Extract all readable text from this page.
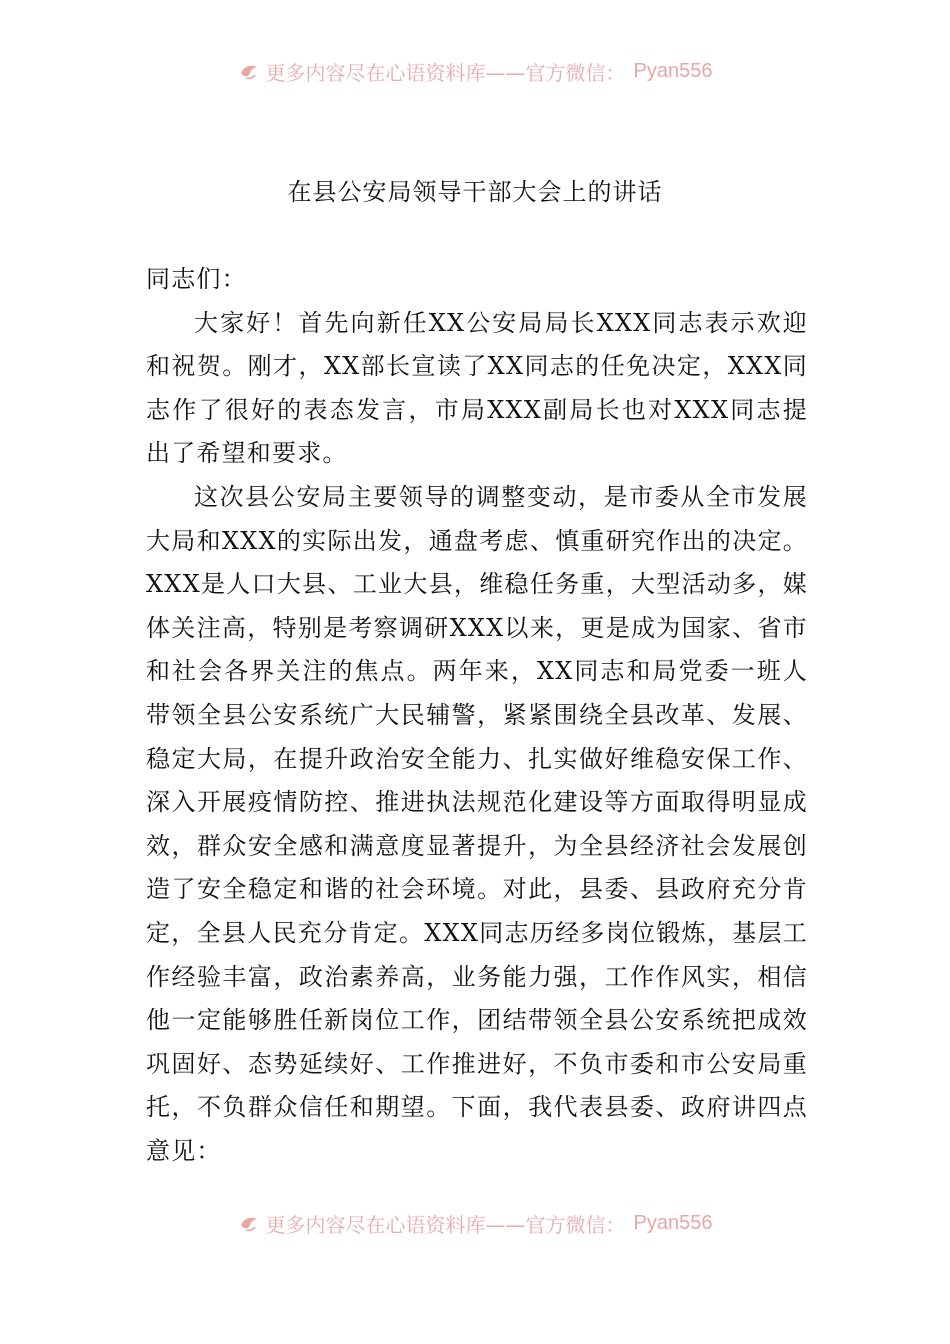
更多内容尽在心语资料库——官方微信： Pyan556
在县公安局领导干部大会上的讲话

同志们：

大家好！首先向新任XX公安局局长XXX同志表示欢迎和祝贺。刚才，XX部长宣读了XX同志的任免决定，XXX同志作了很好的表态发言，市局XXX副局长也对XXX同志提出了希望和要求。

这次县公安局主要领导的调整变动，是市委从全市发展大局和XXX的实际出发，通盘考虑、慎重研究作出的决定。XXX是人口大县、工业大县，维稳任务重，大型活动多，媒体关注高，特别是考察调研XXX以来，更是成为国家、省市和社会各界关注的焦点。两年来，XX同志和局党委一班人带领全县公安系统广大民辅警，紧紧围绕全县改革、发展、稳定大局，在提升政治安全能力、扎实做好维稳安保工作、深入开展疫情防控、推进执法规范化建设等方面取得明显成效，群众安全感和满意度显著提升，为全县经济社会发展创造了安全稳定和谐的社会环境。对此，县委、县政府充分肯定，全县人民充分肯定。XXX同志历经多岗位锻炼，基层工作经验丰富，政治素养高，业务能力强，工作作风实，相信他一定能够胜任新岗位工作，团结带领全县公安系统把成效巩固好、态势延续好、工作推进好，不负市委和市公安局重托，不负群众信任和期望。下面，我代表县委、政府讲四点意见：

更多内容尽在心语资料库——官方微信： Pyan556
